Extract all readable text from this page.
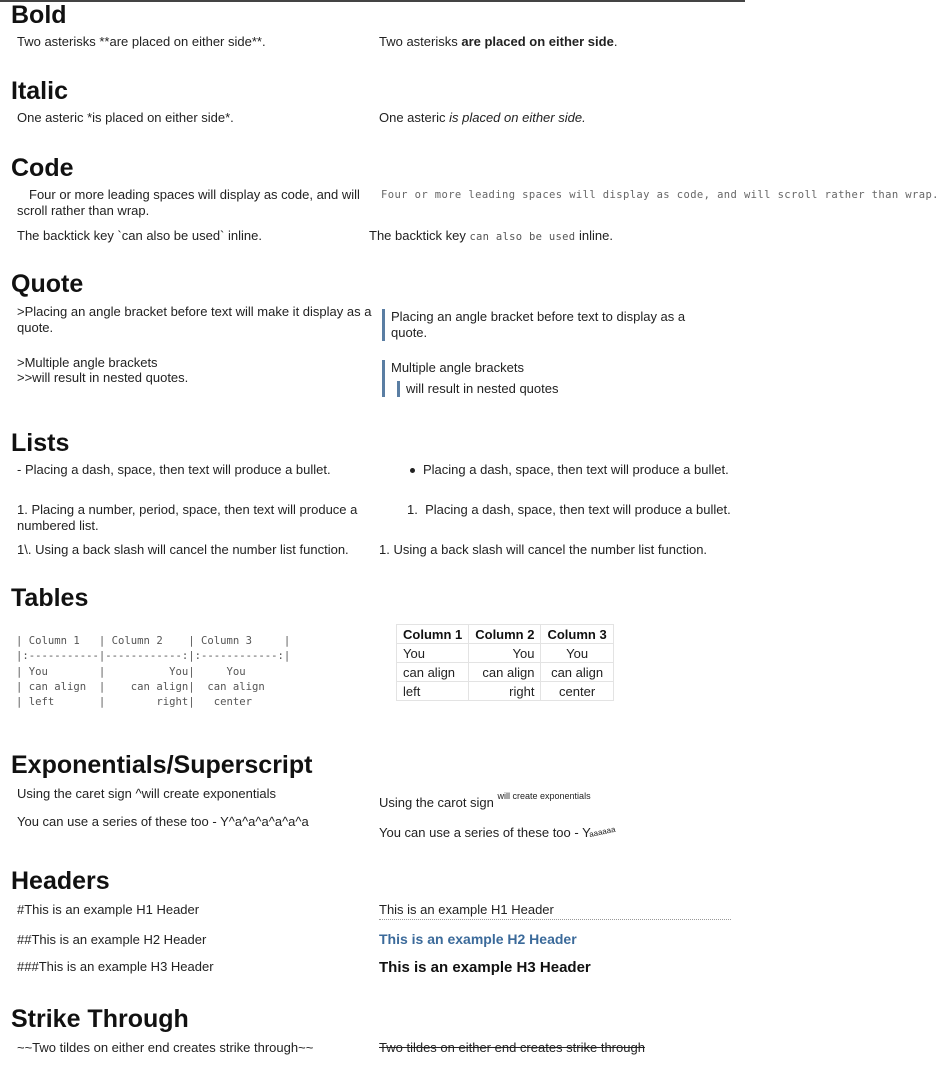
Bold
Two asterisks **are placed on either side**.	Two asterisks are placed on either side.
Italic
One asteric *is placed on either side*.	One asteric is placed on either side.
Code
Four or more leading spaces will display as code, and will scroll rather than wrap.
Four or more leading spaces will display as code, and will scroll rather than wrap.
The backtick key `can also be used` inline.	The backtick key can also be used inline.
Quote
>Placing an angle bracket before text will make it display as a quote.
Placing an angle bracket before text to display as a quote.
>Multiple angle brackets
>>will result in nested quotes.
Multiple angle brackets
will result in nested quotes
Lists
- Placing a dash, space, then text will produce a bullet.	Placing a dash, space, then text will produce a bullet.
1. Placing a number, period, space, then text will produce a numbered list.
1.  Placing a dash, space, then text will produce a bullet.
1\. Using a back slash will cancel the number list function. 1. Using a back slash will cancel the number list function.
Tables
| Column 1   | Column 2    | Column 3     |
|:-----------|------------:|:------------:|
| You        |          You|     You
| can align  |    can align|  can align
| left       |        right|   center
Column 1	Column 2	Column 3
You	You	You
can align	can align	can align
left	right	center
Exponentials/Superscript
Using the caret sign ^will create exponentials
Using the carot sign $^{will create exponentials}$
You can use a series of these too - Y^a^a^a^a^a^a
You can use a series of these too - Yaaaaaa
Headers
#This is an example H1 Header	This is an example H1 Header
##This is an example H2 Header	This is an example H2 Header
###This is an example H3 Header	This is an example H3 Header
Strike Through
~~Two tildes on either end creates strike through~~	Two tildes on either end creates strike through
